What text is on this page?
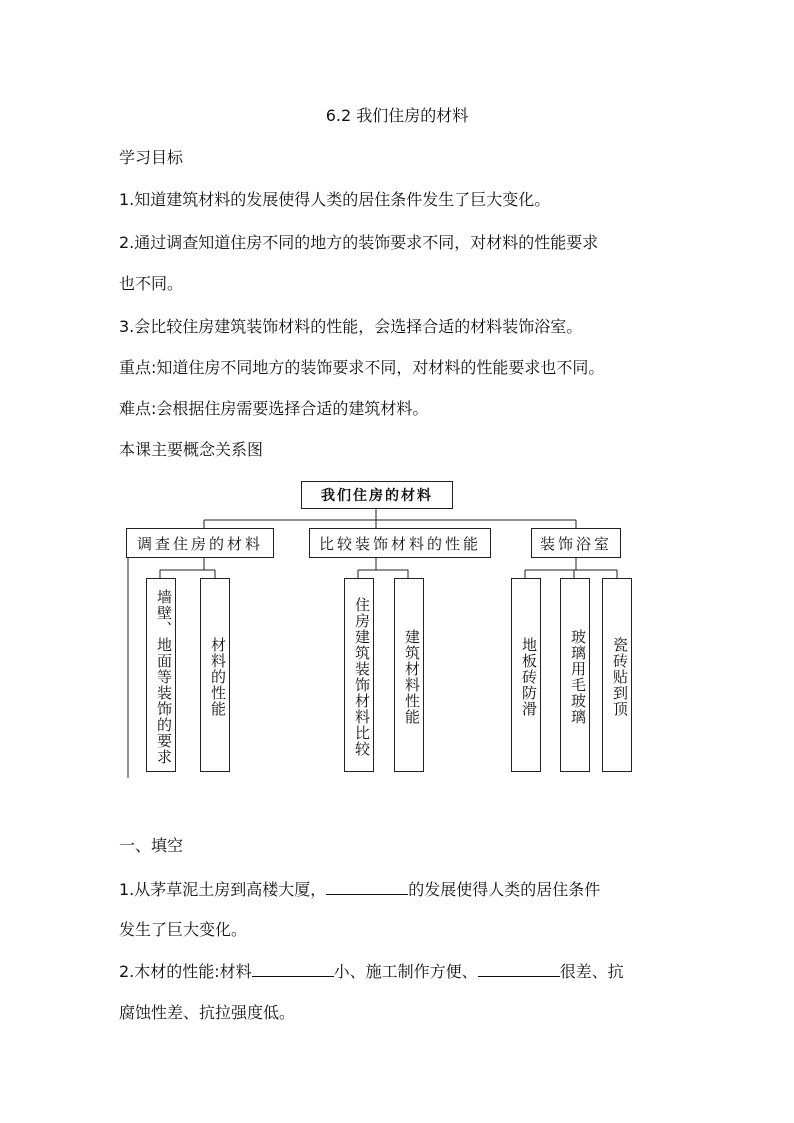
6.2 我们住房的材料
学习目标
1.知道建筑材料的发展使得人类的居住条件发生了巨大变化。
2.通过调查知道住房不同的地方的装饰要求不同，对材料的性能要求
也不同。
3.会比较住房建筑装饰材料的性能，会选择合适的材料装饰浴室。
重点:知道住房不同地方的装饰要求不同，对材料的性能要求也不同。
难点:会根据住房需要选择合适的建筑材料。
本课主要概念关系图
我们住房的材料
调查住房的材料	比较装饰材料的性能	装饰浴室
墙壁、地面等装饰的要求	材料的性能	住房建筑装饰材料比较	建筑材料性能	地板砖防滑	玻璃用毛玻璃	瓷砖贴到顶
一、填空
1.从茅草泥土房到高楼大厦，	的发展使得人类的居住条件
发生了巨大变化。
2.木材的性能:材料	小、施工制作方便、	很差、抗
腐蚀性差、抗拉强度低。
